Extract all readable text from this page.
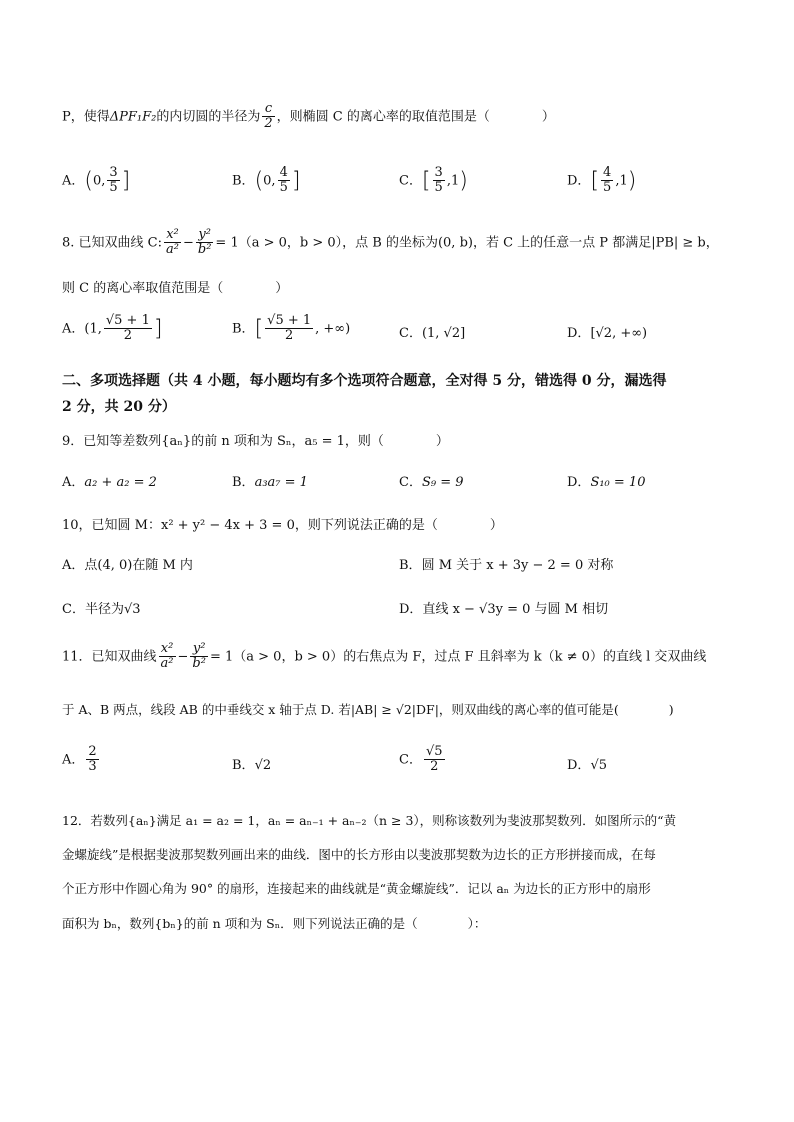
P，使得ΔPF₁F₂的内切圆的半径为 $\frac{c}{2}$ ，则椭圆 C 的离心率的取值范围是（　　　　）
A．(0, $\frac{3}{5}$ ]	B．(0, $\frac{4}{5}$ ]	C．[ $\frac{3}{5} ,1$)	D．[ $\frac{4}{5} ,1$)
8. 已知双曲线 C: $\frac{\text{x²}}{\text{a²}} - \frac{\text{y²}}{\text{b²}} = 1(a > 0$，b > 0），点 B 的坐标为(0, b)，若 C 上的任意一点 P 都满足|PB| ≥ b，
则 C 的离心率取值范围是（　　　　）
A．(1, $\frac{√5 + 1}{2}$ ]	B．[ $\frac{√5 + 1}{2}$ , +∞)	C．(1, √2]	D．[√2, +∞)
二、多项选择题（共 4 小题，每小题均有多个选项符合题意，全对得 5 分，错选得 0 分，漏选得
2 分，共 20 分）
9．已知等差数列{aₙ}的前 n 项和为 Sₙ，a₅ = 1，则（　　　　）
A．a₂ + a₂ = 2	B．a₃a₇ = 1	C．S₉ = 9	D．S₁₀ = 10
10，已知圆 M：x² + y² − 4x + 3 = 0，则下列说法正确的是（　　　　）
A．点(4, 0)在随 M 内	B．圆 M 关于 x + 3y − 2 = 0 对称
C．半径为√3	D．直线 x − √3y = 0 与圆 M 相切
11．已知双曲线 $\frac{\text{x²}}{\text{a²}} - \frac{\text{y²}}{\text{b²}} = 1(a > 0$，b > 0）的右焦点为 F，过点 F 且斜率为 k（k ≠ 0）的直线 l 交双曲线
于 A、B 两点，线段 AB 的中垂线交 x 轴于点 D. 若|AB| ≥ √2|DF|，则双曲线的离心率的值可能是(　　　　)
A． $\frac{2}{3}$	B．√2	C． $\frac{√5}{2}$	D．√5
12．若数列{aₙ}满足 a₁ = a₂ = 1，aₙ = aₙ₋₁ + aₙ₋₂（n ≥ 3），则称该数列为斐波那契数列．如图所示的“黄
金螺旋线”是根据斐波那契数列画出来的曲线．图中的长方形由以斐波那契数为边长的正方形拼接而成，在每
个正方形中作圆心角为 90° 的扇形，连接起来的曲线就是“黄金螺旋线”．记以 aₙ 为边长的正方形中的扇形
面积为 bₙ，数列{bₙ}的前 n 项和为 Sₙ．则下列说法正确的是（　　　　）：
